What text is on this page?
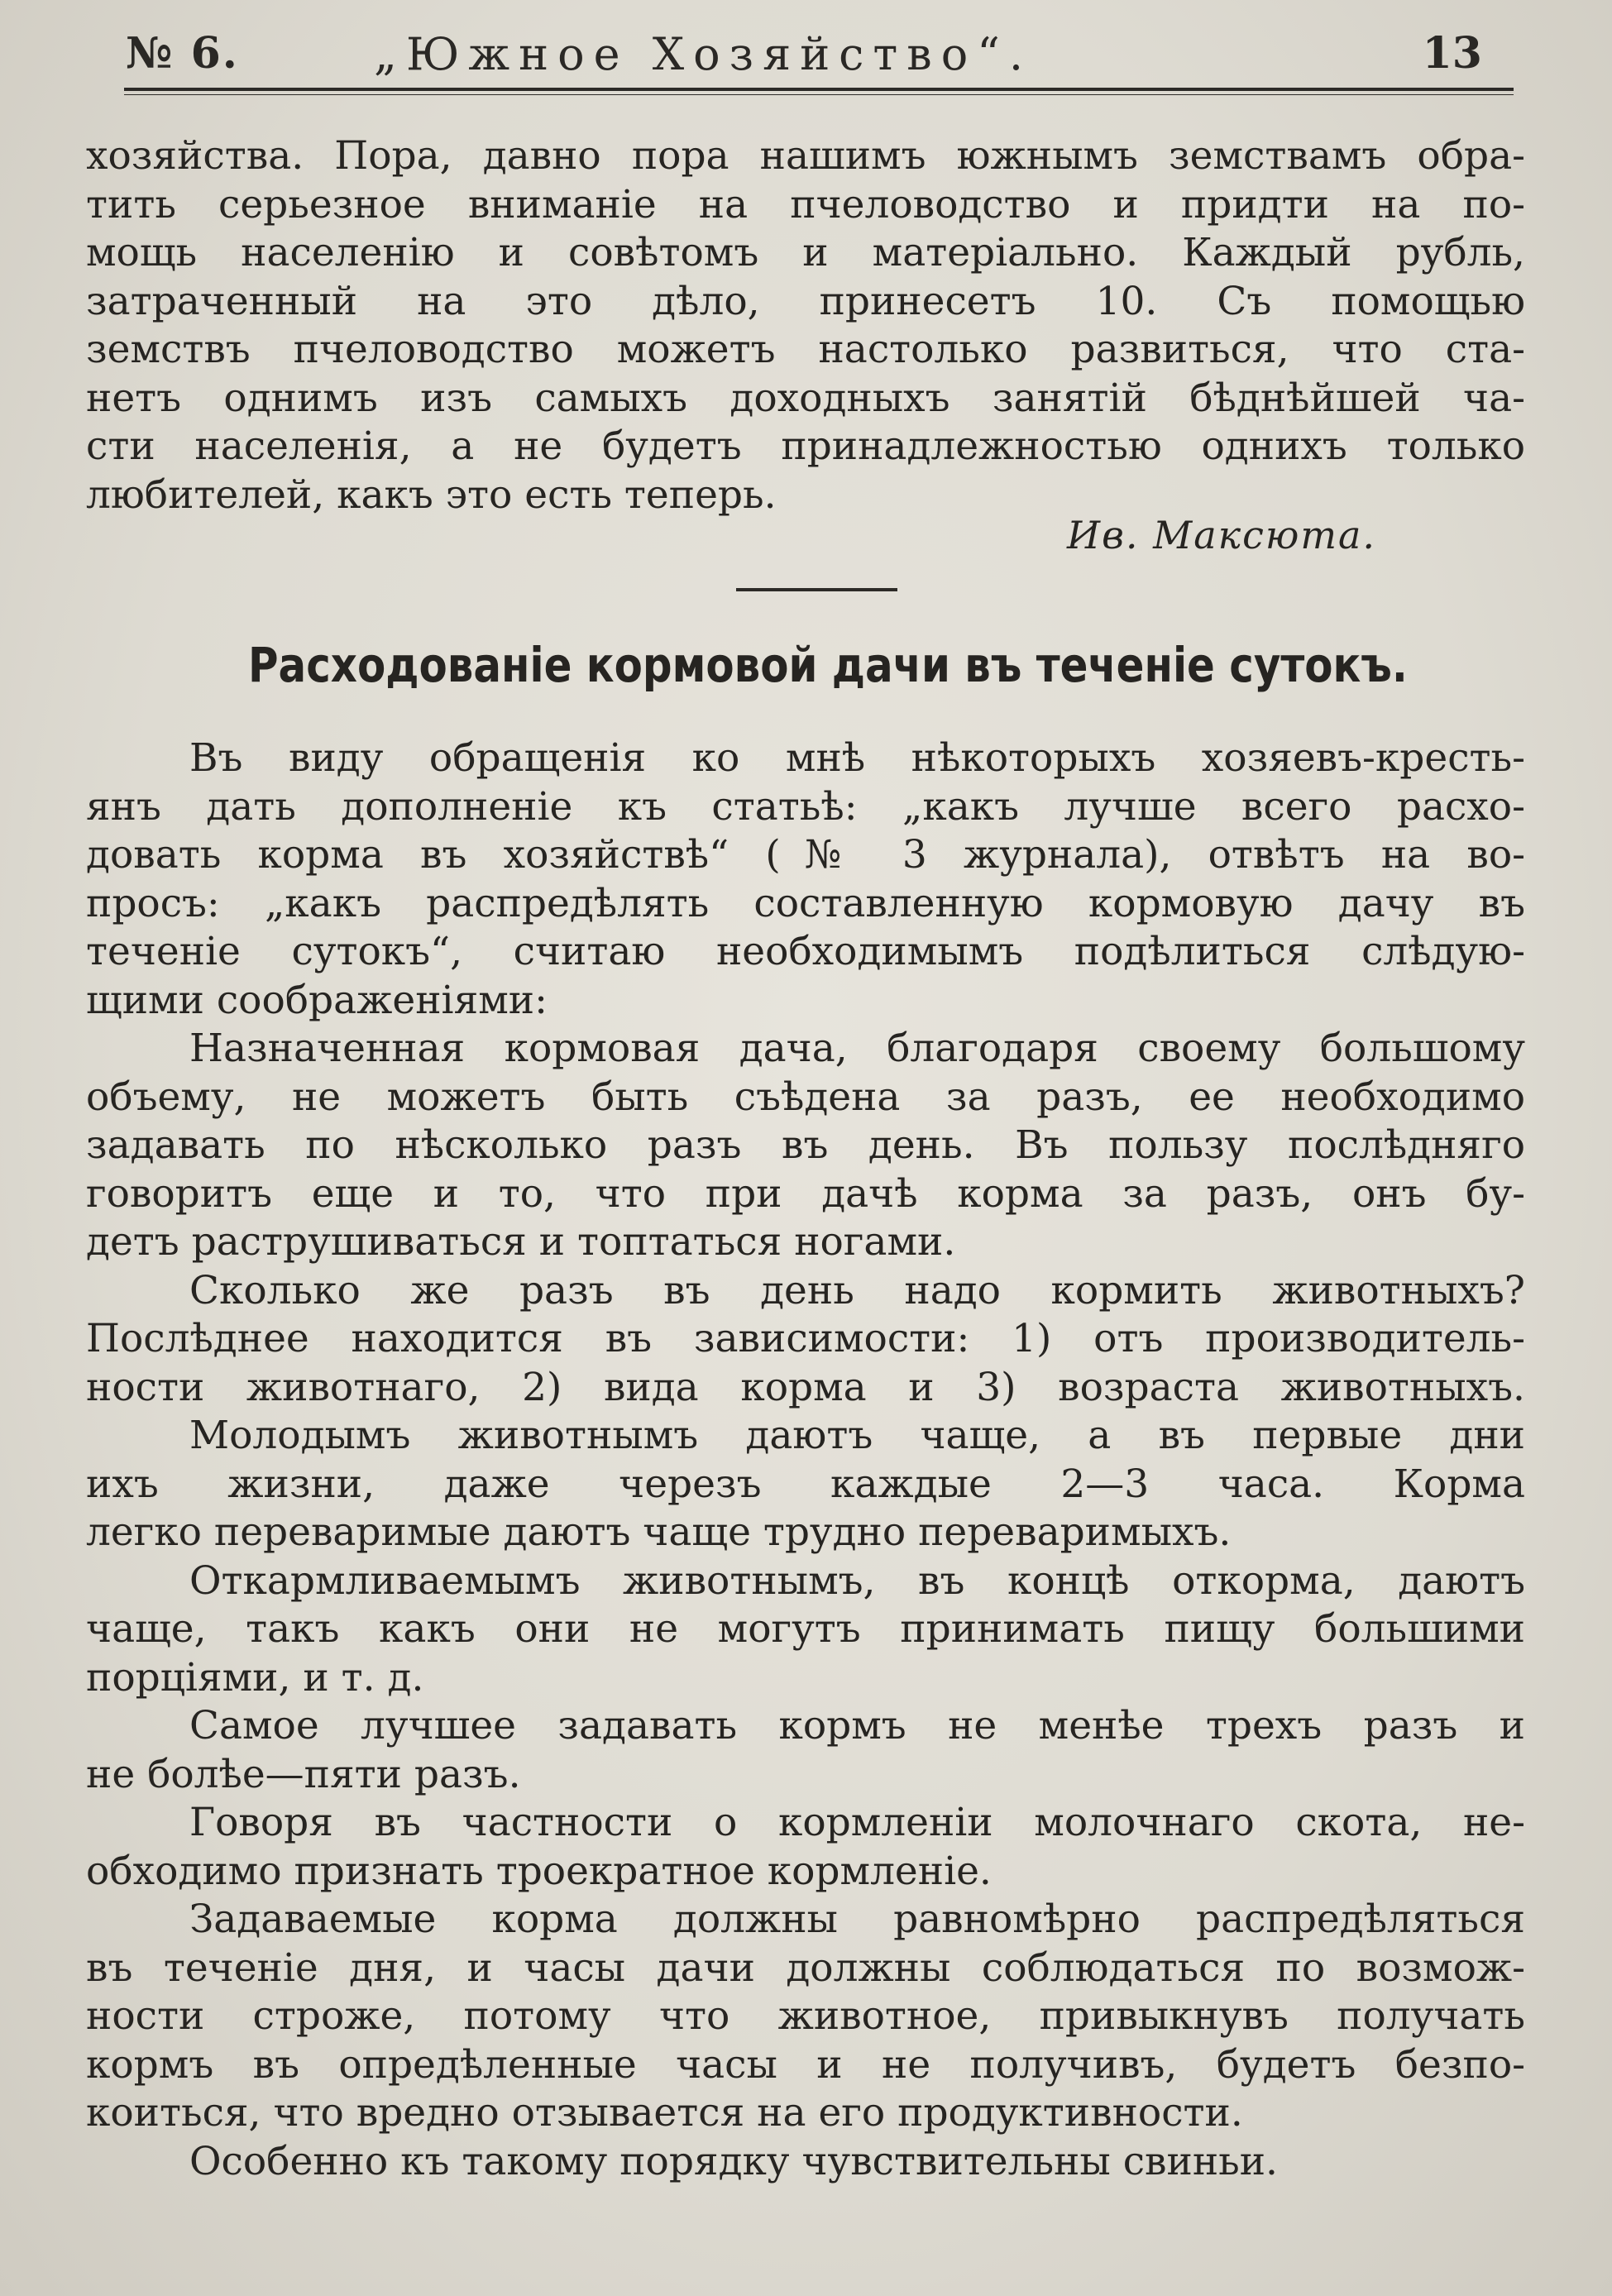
№ 6.	„Южное Хозяйство“.	13
хозяйства. Пора, давно пора нашимъ южнымъ земствамъ обра-
тить серьезное вниманіе на пчеловодство и придти на по-
мощь населенію и совѣтомъ и матеріально. Каждый рубль,
затраченный на это дѣло, принесетъ 10. Съ помощью
земствъ пчеловодство можетъ настолько развиться, что ста-
нетъ однимъ изъ самыхъ доходныхъ занятій бѣднѣйшей ча-
сти населенія, а не будетъ принадлежностью однихъ только
любителей, какъ это есть теперь.
Ив. Максюта.
Расходованіе кормовой дачи въ теченіе сутокъ.
Въ виду обращенія ко мнѣ нѣкоторыхъ хозяевъ-кресть-
янъ дать дополненіе къ статьѣ: „какъ лучше всего расхо-
довать корма въ хозяйствѣ“ (№ 3 журнала), отвѣтъ на во-
просъ: „какъ распредѣлять составленную кормовую дачу въ
теченіе сутокъ“, считаю необходимымъ подѣлиться слѣдую-
щими соображеніями:
Назначенная кормовая дача, благодаря своему большому
объему, не можетъ быть съѣдена за разъ, ее необходимо
задавать по нѣсколько разъ въ день. Въ пользу послѣдняго
говоритъ еще и то, что при дачѣ корма за разъ, онъ бу-
детъ раструшиваться и топтаться ногами.
Сколько же разъ въ день надо кормить животныхъ?
Послѣднее находится въ зависимости: 1) отъ производитель-
ности животнаго, 2) вида корма и 3) возраста животныхъ.
Молодымъ животнымъ даютъ чаще, а въ первые дни
ихъ жизни, даже черезъ каждые 2—3 часа. Корма
легко переваримые даютъ чаще трудно переваримыхъ.
Откармливаемымъ животнымъ, въ концѣ откорма, даютъ
чаще, такъ какъ они не могутъ принимать пищу большими
порціями, и т. д.
Самое лучшее задавать кормъ не менѣе трехъ разъ и
не болѣе—пяти разъ.
Говоря въ частности о кормленіи молочнаго скота, не-
обходимо признать троекратное кормленіе.
Задаваемые корма должны равномѣрно распредѣляться
въ теченіе дня, и часы дачи должны соблюдаться по возмож-
ности строже, потому что животное, привыкнувъ получать
кормъ въ опредѣленные часы и не получивъ, будетъ безпо-
коиться, что вредно отзывается на его продуктивности.
Особенно къ такому порядку чувствительны свиньи.
